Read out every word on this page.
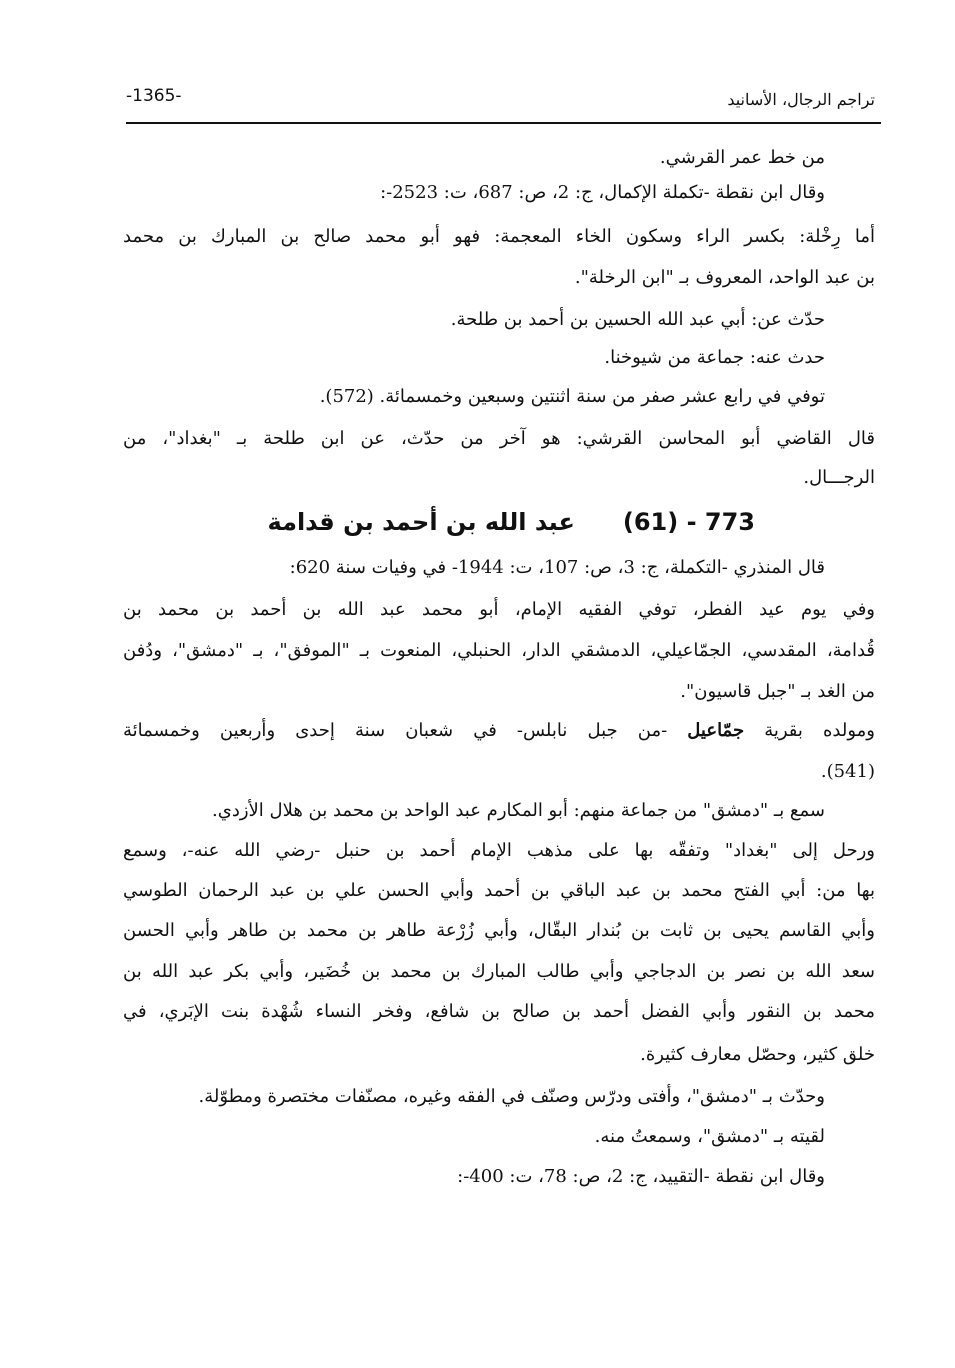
-1365-	تراجم الرجال، الأسانيد
من خط عمر القرشي.
وقال ابن نقطة -تكملة الإكمال، ج: 2، ص: 687، ت: 2523-:
أما رِخْلة: بكسر الراء وسكون الخاء المعجمة: فهو أبو محمد صالح بن المبارك بن محمد
بن عبد الواحد، المعروف بـ "ابن الرخلة".
حدّث عن: أبي عبد الله الحسين بن أحمد بن طلحة.
حدث عنه: جماعة من شيوخنا.
توفي في رابع عشر صفر من سنة اثنتين وسبعين وخمسمائة. (572).
قال القاضي أبو المحاسن القرشي: هو آخر من حدّث، عن ابن طلحة بـ "بغداد"، من
الرجـــال.
773 - (61)عبد الله بن أحمد بن قدامة
قال المنذري -التكملة، ج: 3، ص: 107، ت: 1944- في وفيات سنة 620:
وفي يوم عيد الفطر، توفي الفقيه الإمام، أبو محمد عبد الله بن أحمد بن محمد بن
قُدامة، المقدسي، الجمّاعيلي، الدمشقي الدار، الحنبلي، المنعوت بـ "الموفق"، بـ "دمشق"، ودُفن
من الغد بـ "جبل قاسيون".
ومولده بقرية جمّاعيل -من جبل نابلس- في شعبان سنة إحدى وأربعين وخمسمائة
(541).
سمع بـ "دمشق" من جماعة منهم: أبو المكارم عبد الواحد بن محمد بن هلال الأزدي.
ورحل إلى "بغداد" وتفقّه بها على مذهب الإمام أحمد بن حنبل -رضي الله عنه-، وسمع
بها من: أبي الفتح محمد بن عبد الباقي بن أحمد وأبي الحسن علي بن عبد الرحمان الطوسي
وأبي القاسم يحيى بن ثابت بن بُندار البقّال، وأبي زُرْعة طاهر بن محمد بن طاهر وأبي الحسن
سعد الله بن نصر بن الدجاجي وأبي طالب المبارك بن محمد بن خُضَير، وأبي بكر عبد الله بن
محمد بن النقور وأبي الفضل أحمد بن صالح بن شافع، وفخر النساء شُهْدة بنت الإبَري، في
خلق كثير، وحصّل معارف كثيرة.
وحدّث بـ "دمشق"، وأفتى ودرّس وصنّف في الفقه وغيره، مصنّفات مختصرة ومطوّلة.
لقيته بـ "دمشق"، وسمعتُ منه.
وقال ابن نقطة -التقييد، ج: 2، ص: 78، ت: 400-:
